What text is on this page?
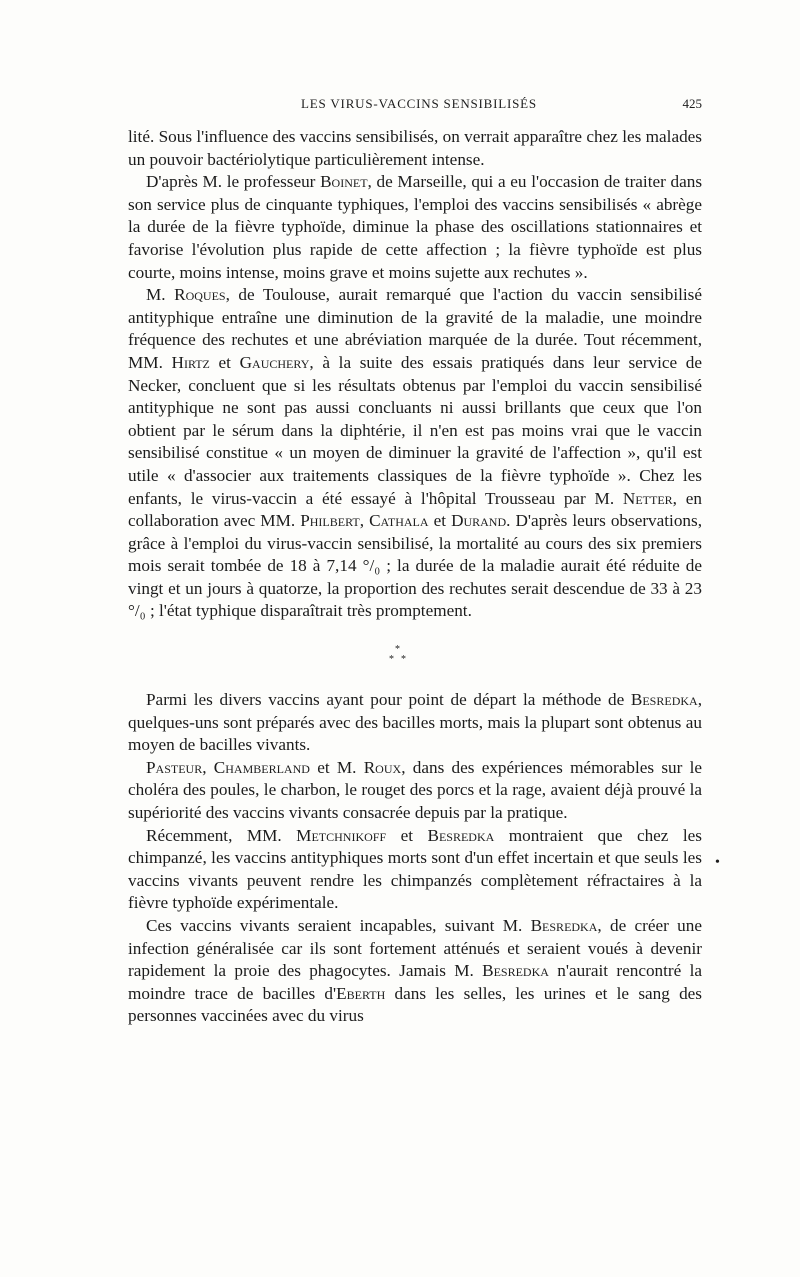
LES VIRUS-VACCINS SENSIBILISÉS	425

lité. Sous l'influence des vaccins sensibilisés, on verrait apparaître chez les malades un pouvoir bactériolytique particulièrement intense.

D'après M. le professeur Boinet, de Marseille, qui a eu l'occasion de traiter dans son service plus de cinquante typhiques, l'emploi des vaccins sensibilisés « abrège la durée de la fièvre typhoïde, diminue la phase des oscillations stationnaires et favorise l'évolution plus rapide de cette affection ; la fièvre typhoïde est plus courte, moins intense, moins grave et moins sujette aux rechutes ».

M. Roques, de Toulouse, aurait remarqué que l'action du vaccin sensibilisé antityphique entraîne une diminution de la gravité de la maladie, une moindre fréquence des rechutes et une abréviation marquée de la durée. Tout récemment, MM. Hirtz et Gauchery, à la suite des essais pratiqués dans leur service de Necker, concluent que si les résultats obtenus par l'emploi du vaccin sensibilisé antityphique ne sont pas aussi concluants ni aussi brillants que ceux que l'on obtient par le sérum dans la diphtérie, il n'en est pas moins vrai que le vaccin sensibilisé constitue « un moyen de diminuer la gravité de l'affection », qu'il est utile « d'associer aux traitements classiques de la fièvre typhoïde ». Chez les enfants, le virus-vaccin a été essayé à l'hôpital Trousseau par M. Netter, en collaboration avec MM. Philbert, Cathala et Durand. D'après leurs observations, grâce à l'emploi du virus-vaccin sensibilisé, la mortalité au cours des six premiers mois serait tombée de 18 à 7,14 °/₀ ; la durée de la maladie aurait été réduite de vingt et un jours à quatorze, la proportion des rechutes serait descendue de 33 à 23 °/₀ ; l'état typhique disparaîtrait très promptement.

*
* *

Parmi les divers vaccins ayant pour point de départ la méthode de Besredka, quelques-uns sont préparés avec des bacilles morts, mais la plupart sont obtenus au moyen de bacilles vivants.

Pasteur, Chamberland et M. Roux, dans des expériences mémorables sur le choléra des poules, le charbon, le rouget des porcs et la rage, avaient déjà prouvé la supériorité des vaccins vivants consacrée depuis par la pratique.

Récemment, MM. Metchnikoff et Besredka montraient que chez les chimpanzé, les vaccins antityphiques morts sont d'un effet incertain et que seuls les vaccins vivants peuvent rendre les chimpanzés complètement réfractaires à la fièvre typhoïde expérimentale.

Ces vaccins vivants seraient incapables, suivant M. Besredka, de créer une infection généralisée car ils sont fortement atténués et seraient voués à devenir rapidement la proie des phagocytes. Jamais M. Besredka n'aurait rencontré la moindre trace de bacilles d'Eberth dans les selles, les urines et le sang des personnes vaccinées avec du virus

•
